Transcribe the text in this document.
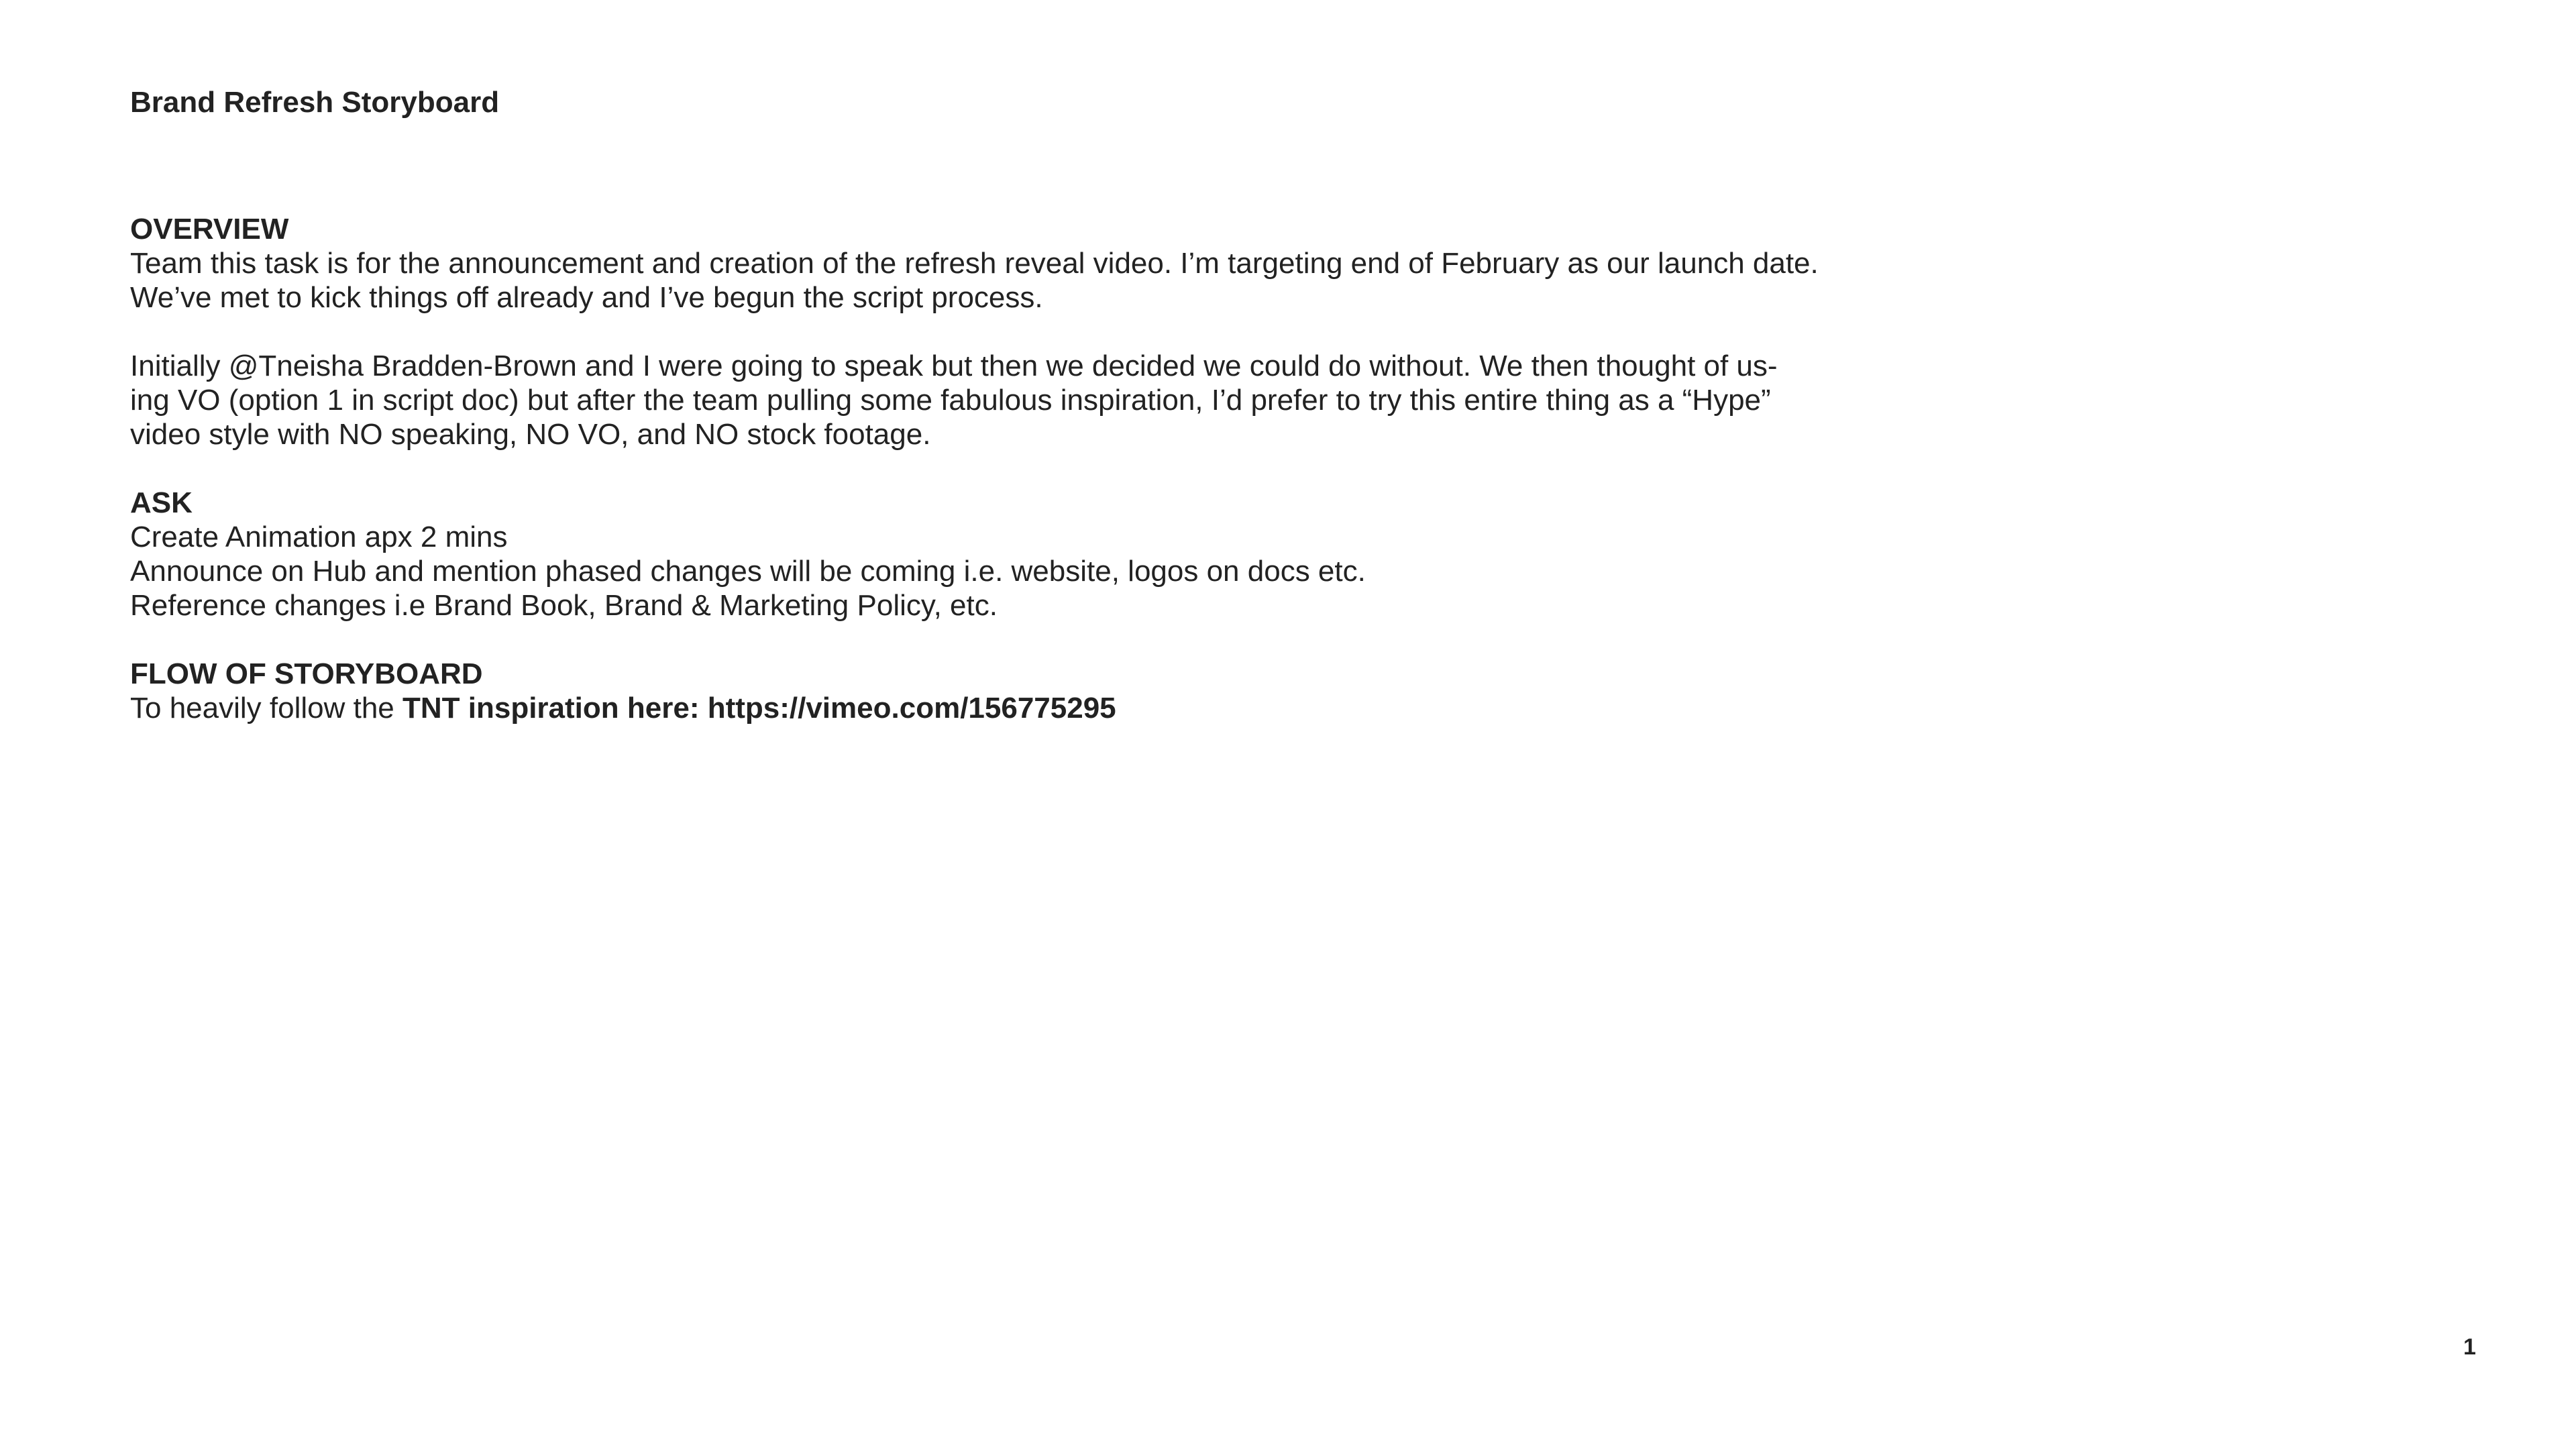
Brand Refresh Storyboard

OVERVIEW

Team this task is for the announcement and creation of the refresh reveal video. I’m targeting end of February as our launch date.

We’ve met to kick things off already and I’ve begun the script process.

Initially @Tneisha Bradden-Brown and I were going to speak but then we decided we could do without. We then thought of us-

ing VO (option 1 in script doc) but after the team pulling some fabulous inspiration, I’d prefer to try this entire thing as a “Hype”

video style with NO speaking, NO VO, and NO stock footage.

ASK

Create Animation apx 2 mins

Announce on Hub and mention phased changes will be coming i.e. website, logos on docs etc.

Reference changes i.e Brand Book, Brand & Marketing Policy, etc.

FLOW OF STORYBOARD

To heavily follow the TNT inspiration here: https://vimeo.com/156775295

1
